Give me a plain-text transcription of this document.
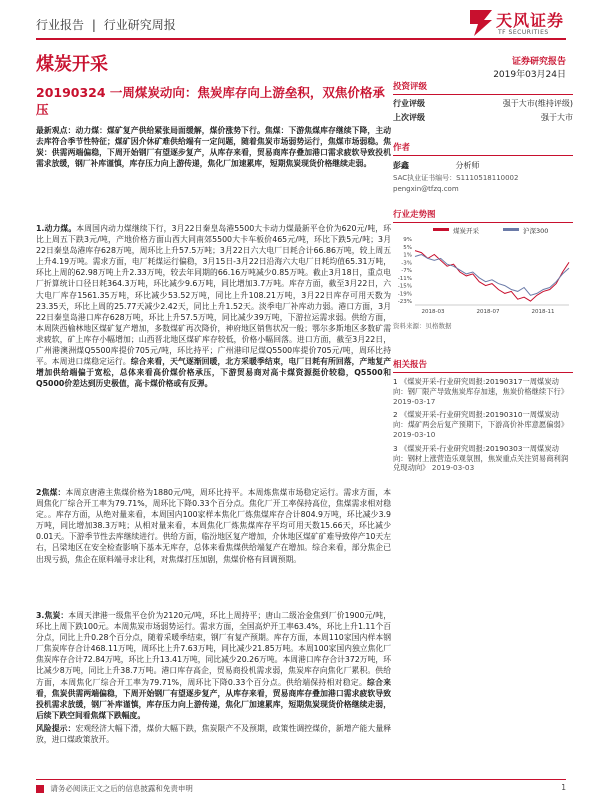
行业报告 | 行业研究周报	天风证券
TF SECURITIES
煤炭开采	证券研究报告
2019年03月24日
20190324 一周煤炭动向：焦炭库存向上游垒积，双焦价格承压

最新观点：动力煤：煤矿复产供给紧张局面缓解，煤价涨势下行。焦煤：下游焦煤库存继续下降，主动去库符合季节性特征；煤矿因介休矿难供给端有一定问题，随着焦炭市场弱势运行，焦煤市场弱稳。焦炭：供需两端偏稳，下周开始钢厂有望逐步复产，从库存来看，贸易商库存叠加港口需求疲软导致投机需求放缓，钢厂补库谨慎，库存压力向上游传递，焦化厂加速累库，短期焦炭现货价格继续走弱。

1.动力煤。本周国内动力煤继续下行，3月22日秦皇岛港5500大卡动力煤最新平仓价为620元/吨，环比上周五下跌3元/吨，产地价格方面山西大同南郊5500大卡车板价465元/吨，环比下跌5元/吨；3月22日秦皇岛港库存628万吨，周环比上升57.5万吨；3月22日六大电厂日耗合计66.86万吨，较上周五上升4.19万吨。需求方面，电厂耗煤运行偏稳，3月15日-3月22日沿海六大电厂日耗均值65.31万吨，环比上周的62.98万吨上升2.33万吨，较去年同期的66.16万吨减少0.85万吨。截止3月18日，重点电厂折算统计口径日耗364.3万吨，环比减少9.6万吨，同比增加3.7万吨。库存方面，截至3月22日，六大电厂库存1561.35万吨，环比减少53.52万吨，同比上升108.21万吨，3月22日库存可用天数为23.35天，环比上周的25.77天减少2.42天，同比上升1.52天。淡季电厂补库动力弱。港口方面，3月22日秦皇岛港口库存628万吨，环比上升57.5万吨，同比减少39万吨，下游拉运需求弱。供给方面，本周陕西榆林地区煤矿复产增加，多数煤矿再次降价，神府地区销售状况一般；鄂尔多斯地区多数矿需求疲软，矿上库存小幅增加；山西晋北地区煤矿库存较低，价格小幅回落。进口方面，截至3月22日，广州港澳洲煤Q5500库提价705元/吨，环比持平；广州港印尼煤Q5500库提价705元/吨，周环比持平。本周进口煤稳定运行。综合来看，天气逐渐回暖，北方采暖季结束，电厂日耗有所回落，产地复产增加供给端偏于宽松，总体来看高价煤价格承压，下游贸易商对高卡煤资源挺价较稳，Q5500和Q5000价差达到历史极值，高卡煤价格或有反弹。

2焦煤：本周京唐港主焦煤价格为1880元/吨，周环比持平。本周炼焦煤市场稳定运行。需求方面，本周焦化厂综合开工率为79.71%，周环比下降0.33个百分点。焦化厂开工率保持高位，焦煤需求相对稳定。。库存方面，从绝对量来看，本周国内100家样本焦化厂炼焦煤库存合计804.9万吨，环比减少3.9万吨，同比增加38.3万吨；从相对量来看，本周焦化厂炼焦煤库存平均可用天数15.66天，环比减少0.01天。下游季节性去库继续进行。供给方面，临汾地区复产增加，介休地区煤矿矿难导致停产10天左右，吕梁地区在安全检查影响下基本无库存，总体来看焦煤供给端复产在增加。综合来看，部分焦企已出现亏损，焦企在原料端寻求让利，对焦煤打压加剧，焦煤价格有回调预期。

3.焦炭：本周天津港一级焦平仓价为2120元/吨，环比上周持平；唐山二级冶金焦到厂价1900元/吨，环比上周下跌100元。本周焦炭市场弱势运行。需求方面，全国高炉开工率63.4%，环比上升1.11个百分点，同比上升0.28个百分点，随着采暖季结束，钢厂有复产预期。库存方面，本周110家国内样本钢厂焦炭库存合计468.11万吨，周环比上升7.63万吨，同比减少21.85万吨。本周100家国内独立焦化厂焦炭库存合计72.84万吨，环比上升13.41万吨，同比减少20.26万吨。本周港口库存合计372万吨，环比减少8万吨，同比上升38.7万吨。港口库存高企，贸易商投机需求弱，焦炭库存向焦化厂累积。供给方面，本周焦化厂综合开工率为79.71%，周环比下降0.33个百分点。供给端保持相对稳定。综合来看，焦炭供需两端偏稳，下周开始钢厂有望逐步复产，从库存来看，贸易商库存叠加港口需求疲软导致投机需求放缓，钢厂补库谨慎，库存压力向上游传递，焦化厂加速累库，短期焦炭现货价格继续走弱，后续下跌空间看焦煤下跌幅度。

风险提示：宏观经济大幅下滑，煤价大幅下跌，焦炭限产不及预期，政策性调控煤价，新增产能大量释放，进口煤政策放开。

投资评级
行业评级	强于大市(维持评级)
上次评级	强于大市
作者
彭鑫	分析师
SAC执业证书编号：S1110518110002
pengxin@tfzq.com
行业走势图
煤炭开采	沪深300
9%
5%
1%
-3%
-7%
-11%
-15%
-19%
-23%
2018-03	2018-07	2018-11
资料来源：贝格数据
相关报告
1 《煤炭开采-行业研究周报:20190317一周煤炭动向：钢厂限产导致焦炭库存加速，焦炭价格继续下行》 2019-03-17
2 《煤炭开采-行业研究周报:20190310一周煤炭动向：煤矿两会后复产预期下，下游高价补库意愿偏弱》 2019-03-10
3 《煤炭开采-行业研究周报:20190303一周煤炭动向：钢材上涨营造乐观氛围，焦炭重点关注贸易商利润兑现动向》 2019-03-03
请务必阅读正文之后的信息披露和免责申明	1
